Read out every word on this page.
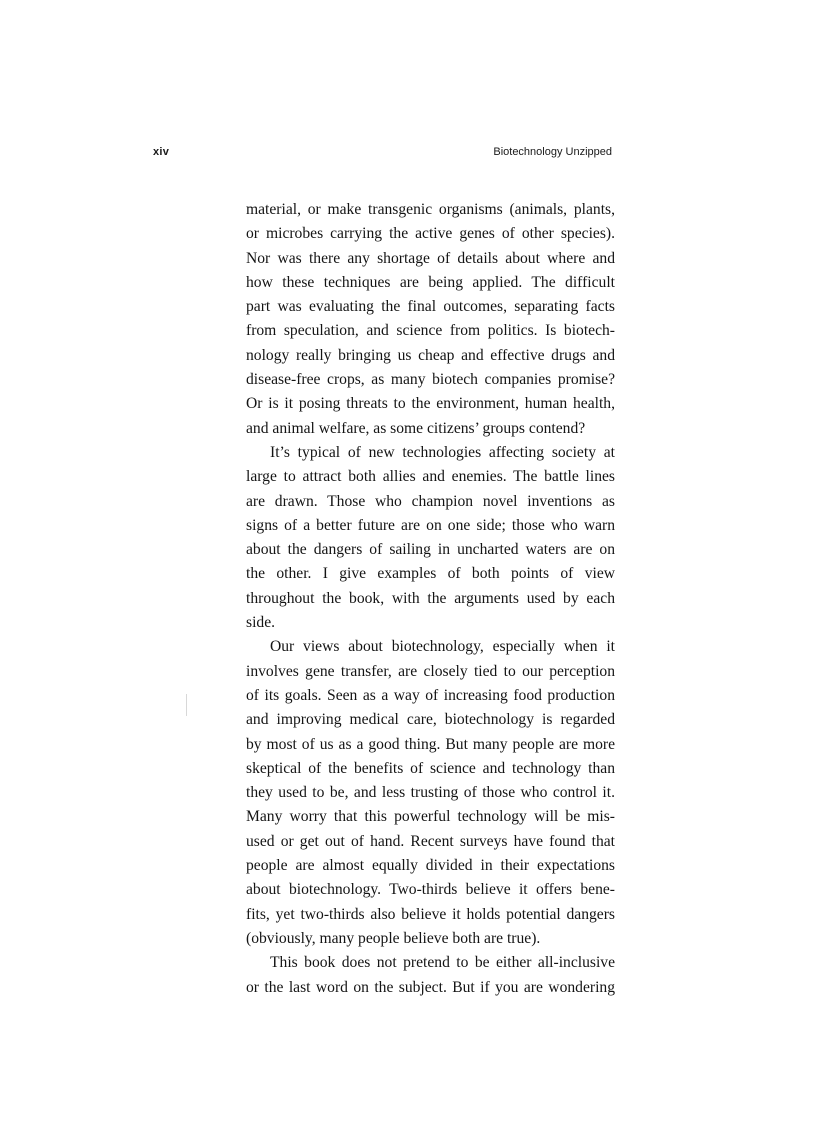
xiv	Biotechnology Unzipped
material, or make transgenic organisms (animals, plants,
or microbes carrying the active genes of other species).
Nor was there any shortage of details about where and
how these techniques are being applied. The difficult
part was evaluating the final outcomes, separating facts
from speculation, and science from politics. Is biotech-
nology really bringing us cheap and effective drugs and
disease-free crops, as many biotech companies promise?
Or is it posing threats to the environment, human health,
and animal welfare, as some citizens’ groups contend?
It’s typical of new technologies affecting society at
large to attract both allies and enemies. The battle lines
are drawn. Those who champion novel inventions as
signs of a better future are on one side; those who warn
about the dangers of sailing in uncharted waters are on
the other. I give examples of both points of view
throughout the book, with the arguments used by each
side.
Our views about biotechnology, especially when it
involves gene transfer, are closely tied to our perception
of its goals. Seen as a way of increasing food production
and improving medical care, biotechnology is regarded
by most of us as a good thing. But many people are more
skeptical of the benefits of science and technology than
they used to be, and less trusting of those who control it.
Many worry that this powerful technology will be mis-
used or get out of hand. Recent surveys have found that
people are almost equally divided in their expectations
about biotechnology. Two-thirds believe it offers bene-
fits, yet two-thirds also believe it holds potential dangers
(obviously, many people believe both are true).
This book does not pretend to be either all-inclusive
or the last word on the subject. But if you are wondering
